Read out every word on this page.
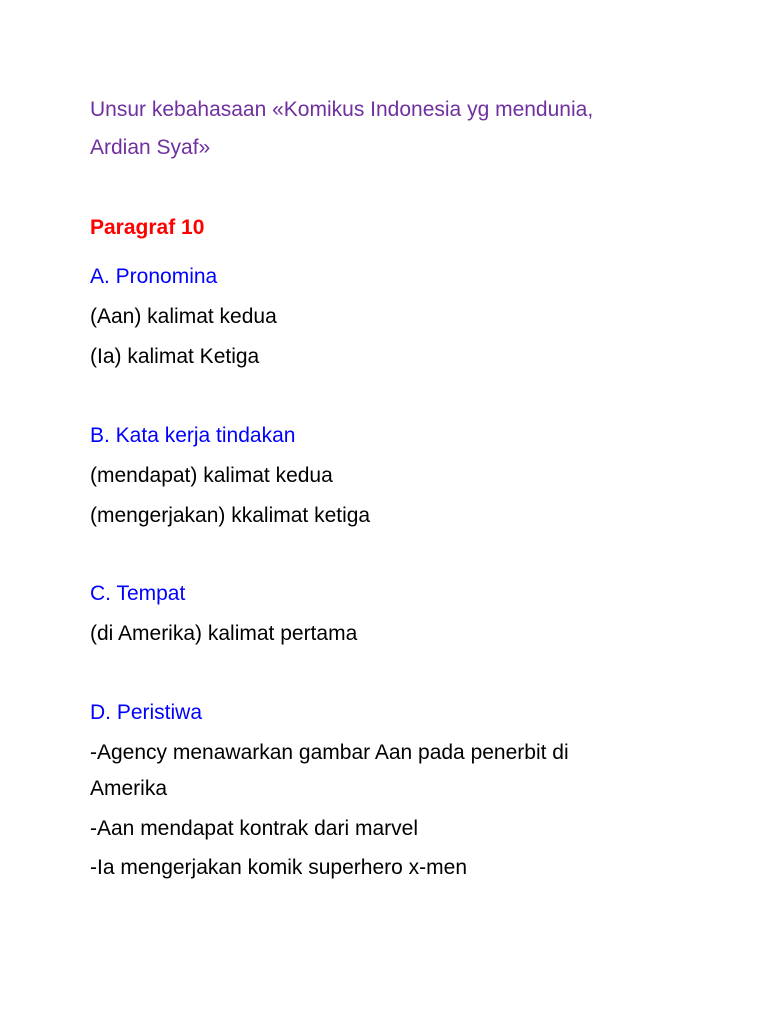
Unsur kebahasaan «Komikus Indonesia yg mendunia,
Ardian Syaf»
Paragraf 10
A. Pronomina
(Aan) kalimat kedua
(Ia) kalimat Ketiga
B. Kata kerja tindakan
(mendapat) kalimat kedua
(mengerjakan) kkalimat ketiga
C. Tempat
(di Amerika) kalimat pertama
D. Peristiwa
-Agency menawarkan gambar Aan pada penerbit di
Amerika
-Aan mendapat kontrak dari marvel
-Ia mengerjakan komik superhero x-men
